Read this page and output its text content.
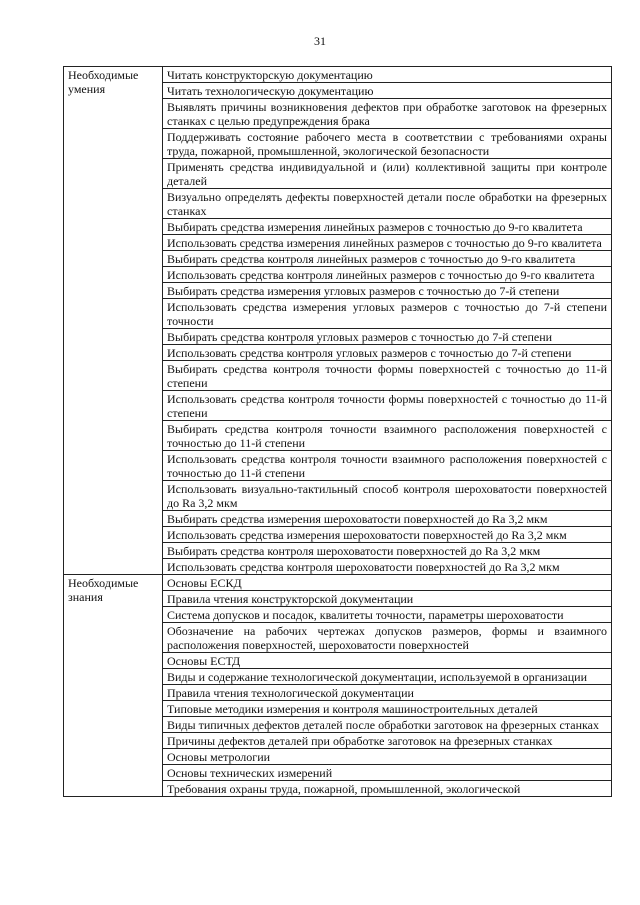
31
Необходимые умения	Читать конструкторскую документацию
	Читать технологическую документацию
	Выявлять причины возникновения дефектов при обработке заготовок на фрезерных станках с целью предупреждения брака
	Поддерживать состояние рабочего места в соответствии с требованиями охраны труда, пожарной, промышленной, экологической безопасности
	Применять средства индивидуальной и (или) коллективной защиты при контроле деталей
	Визуально определять дефекты поверхностей детали после обработки на фрезерных станках
	Выбирать средства измерения линейных размеров с точностью до 9-го квалитета
	Использовать средства измерения линейных размеров с точностью до 9-го квалитета
	Выбирать средства контроля линейных размеров с точностью до 9-го квалитета
	Использовать средства контроля линейных размеров с точностью до 9-го квалитета
	Выбирать средства измерения угловых размеров с точностью до 7-й степени
	Использовать средства измерения угловых размеров с точностью до 7-й степени точности
	Выбирать средства контроля угловых размеров с точностью до 7-й степени
	Использовать средства контроля угловых размеров с точностью до 7-й степени
	Выбирать средства контроля точности формы поверхностей с точностью до 11-й степени
	Использовать средства контроля точности формы поверхностей с точностью до 11-й степени
	Выбирать средства контроля точности взаимного расположения поверхностей с точностью до 11-й степени
	Использовать средства контроля точности взаимного расположения поверхностей с точностью до 11-й степени
	Использовать визуально-тактильный способ контроля шероховатости поверхностей до Ra 3,2 мкм
	Выбирать средства измерения шероховатости поверхностей до Ra 3,2 мкм
	Использовать средства измерения шероховатости поверхностей до Ra 3,2 мкм
	Выбирать средства контроля шероховатости поверхностей до Ra 3,2 мкм
	Использовать средства контроля шероховатости поверхностей до Ra 3,2 мкм
Необходимые знания	Основы ЕСКД
	Правила чтения конструкторской документации
	Система допусков и посадок, квалитеты точности, параметры шероховатости
	Обозначение на рабочих чертежах допусков размеров, формы и взаимного расположения поверхностей, шероховатости поверхностей
	Основы ЕСТД
	Виды и содержание технологической документации, используемой в организации
	Правила чтения технологической документации
	Типовые методики измерения и контроля машиностроительных деталей
	Виды типичных дефектов деталей после обработки заготовок на фрезерных станках
	Причины дефектов деталей при обработке заготовок на фрезерных станках
	Основы метрологии
	Основы технических измерений
	Требования охраны труда, пожарной, промышленной, экологической
